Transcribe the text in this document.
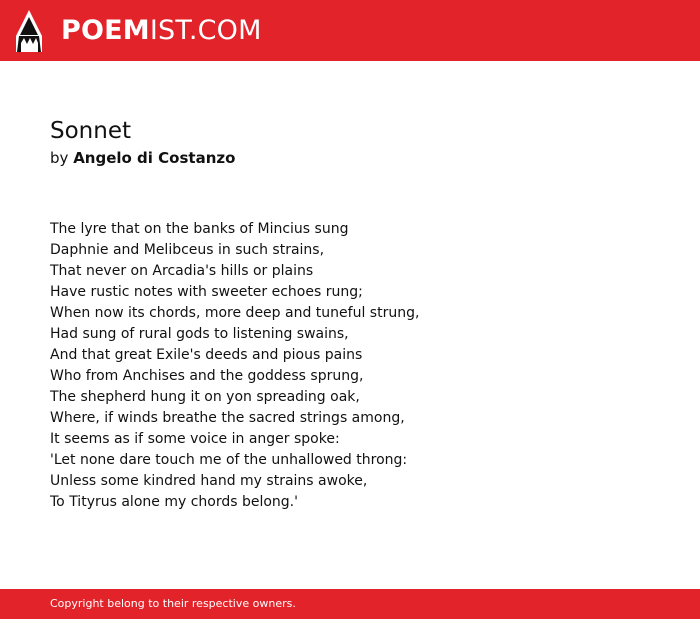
POEMIST.COM
Sonnet
by Angelo di Costanzo
The lyre that on the banks of Mincius sung
Daphnie and Melibceus in such strains,
That never on Arcadia's hills or plains
Have rustic notes with sweeter echoes rung;
When now its chords, more deep and tuneful strung,
Had sung of rural gods to listening swains,
And that great Exile's deeds and pious pains
Who from Anchises and the goddess sprung,
The shepherd hung it on yon spreading oak,
Where, if winds breathe the sacred strings among,
It seems as if some voice in anger spoke:
'Let none dare touch me of the unhallowed throng:
Unless some kindred hand my strains awoke,
To Tityrus alone my chords belong.'
Copyright belong to their respective owners.
